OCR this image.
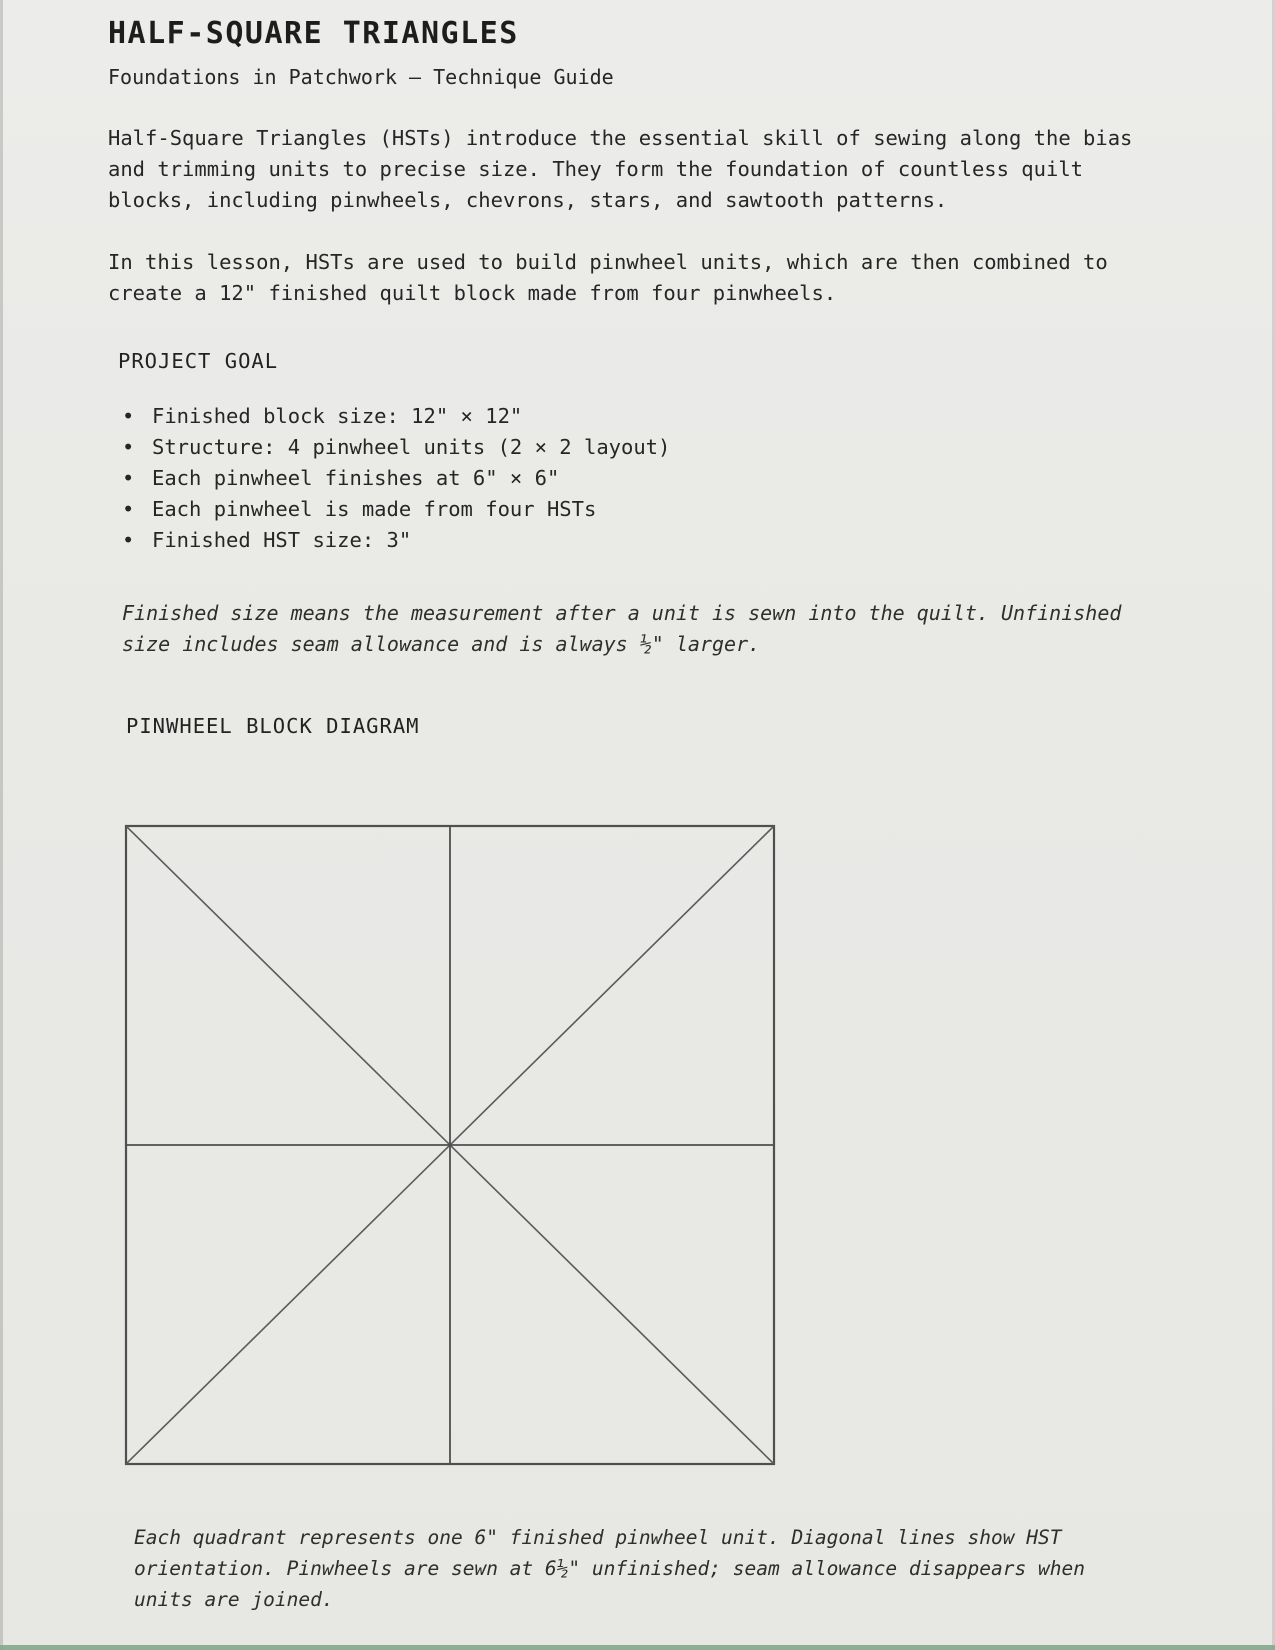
HALF-SQUARE TRIANGLES
Foundations in Patchwork — Technique Guide

Half-Square Triangles (HSTs) introduce the essential skill of sewing along the bias and trimming units to precise size. They form the foundation of countless quilt blocks, including pinwheels, chevrons, stars, and sawtooth patterns.

In this lesson, HSTs are used to build pinwheel units, which are then combined to create a 12" finished quilt block made from four pinwheels.

PROJECT GOAL
• Finished block size: 12" × 12"
• Structure: 4 pinwheel units (2 × 2 layout)
• Each pinwheel finishes at 6" × 6"
• Each pinwheel is made from four HSTs
• Finished HST size: 3"

Finished size means the measurement after a unit is sewn into the quilt. Unfinished size includes seam allowance and is always ½" larger.

PINWHEEL BLOCK DIAGRAM

Each quadrant represents one 6" finished pinwheel unit. Diagonal lines show HST orientation. Pinwheels are sewn at 6½" unfinished; seam allowance disappears when units are joined.
